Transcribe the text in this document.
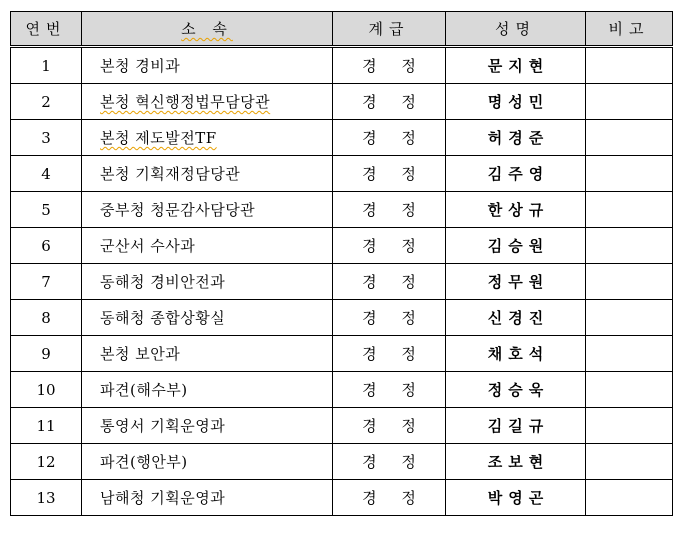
연번	소 속	계급	성명	비고
1	본청 경비과	경 정	문지현	
2	본청 혁신행정법무담당관	경 정	명성민	
3	본청 제도발전TF	경 정	허경준	
4	본청 기획재정담당관	경 정	김주영	
5	중부청 청문감사담당관	경 정	한상규	
6	군산서 수사과	경 정	김승원	
7	동해청 경비안전과	경 정	정무원	
8	동해청 종합상황실	경 정	신경진	
9	본청 보안과	경 정	채호석	
10	파견(해수부)	경 정	정승욱	
11	통영서 기획운영과	경 정	김길규	
12	파견(행안부)	경 정	조보현	
13	남해청 기획운영과	경 정	박영곤	
